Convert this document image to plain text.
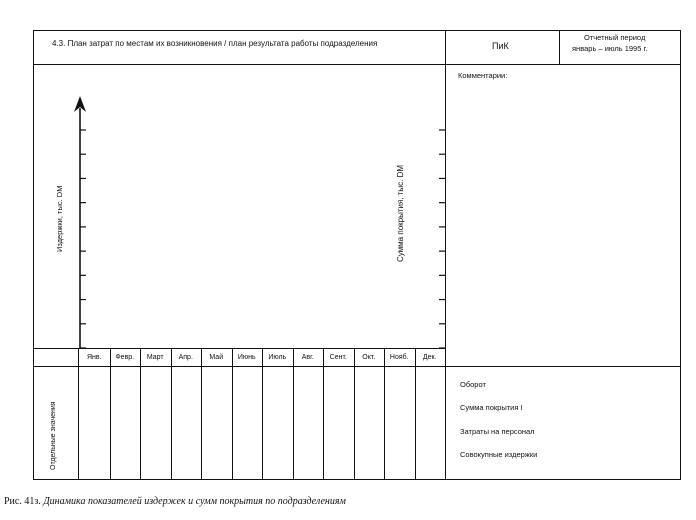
4.3. План затрат по местам их возникновения / план результата работы подразделения	ПиК
Отчетный период
январь – июль 1995 г.
Комментарии:
Издержки, тыс. DM	Сумма покрытия, тыс. DM
Янв.	Февр.	Март	Апр.	Май	Июнь	Июль	Авг.	Сент.	Окт.	Нояб.	Дек.
Отдельные значения
Оборот
Сумма покрытия I
Затраты на персонал
Совокупные издержки
Рис. 41з. Динамика показателей издержек и сумм покрытия по подразделениям
